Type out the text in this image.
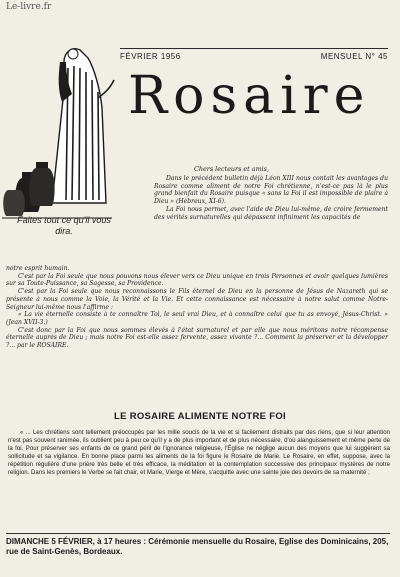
Le-livre.fr
FÉVRIER 1956	MENSUEL N° 45
Rosaire
Faites tout ce qu'il vous dira.
Chers lecteurs et amis,

Dans le précédent bulletin déjà Léon XIII nous contait les avantages du Rosaire comme aliment de notre Foi chrétienne, n'est-ce pas là le plus grand bienfait du Rosaire puisque « sans la Foi il est impossible de plaire à Dieu » (Hébreux, XI-6).

La Foi nous permet, avec l'aide de Dieu lui-même, de croire fermement des vérités surnaturelles qui dépassent infiniment les capacités de

notre esprit humain.

C'est par la Foi seule que nous pouvons nous élever vers ce Dieu unique en trois Personnes et avoir quelques lumières sur sa Toute-Puissance, sa Sagesse, sa Providence.

C'est par la Foi seule que nous reconnaissons le Fils éternel de Dieu en la personne de Jésus de Nazareth qui se présente à nous comme la Voie, la Vérité et la Vie. Et cette connaissance est nécessaire à notre salut comme Notre-Seigneur lui-même nous l'affirme :

« La vie éternelle consiste à te connaître Toi, le seul vrai Dieu, et à connaître celui que tu as envoyé, Jésus-Christ. » (Jean XVII-3.)

C'est donc par la Foi que nous sommes élevés à l'état surnaturel et par elle que nous méritons notre récompense éternelle auprès de Dieu ; mais notre Foi est-elle assez fervente, assez vivante ?... Comment la préserver et la développer ?... par le ROSAIRE.

LE ROSAIRE ALIMENTE NOTRE FOI

« ... Les chrétiens sont tellement préoccupés par les mille soucis de la vie et si facilement distraits par des riens, que si leur attention n'est pas souvent ranimée, ils oublient peu à peu ce qu'il y a de plus important et de plus nécessaire, d'où alanguissement et même perte de la foi. Pour préserver ses enfants de ce grand péril de l'ignorance religieuse, l'Église ne néglige aucun des moyens que lui suggèrent sa sollicitude et sa vigilance. En bonne place parmi les aliments de la foi figure le Rosaire de Marie. Le Rosaire, en effet, suppose, avec la répétition régulière d'une prière très belle et très efficace, la méditation et la contemplation successive des principaux mystères de notre religion. Dans les premiers le Verbe se fait chair, et Marie, Vierge et Mère, s'acquitte avec une sainte joie des devoirs de sa maternité ;

DIMANCHE 5 FÉVRIER, à 17 heures : Cérémonie mensuelle du Rosaire, Eglise des Dominicains, 205, rue de Saint-Genès, Bordeaux.
